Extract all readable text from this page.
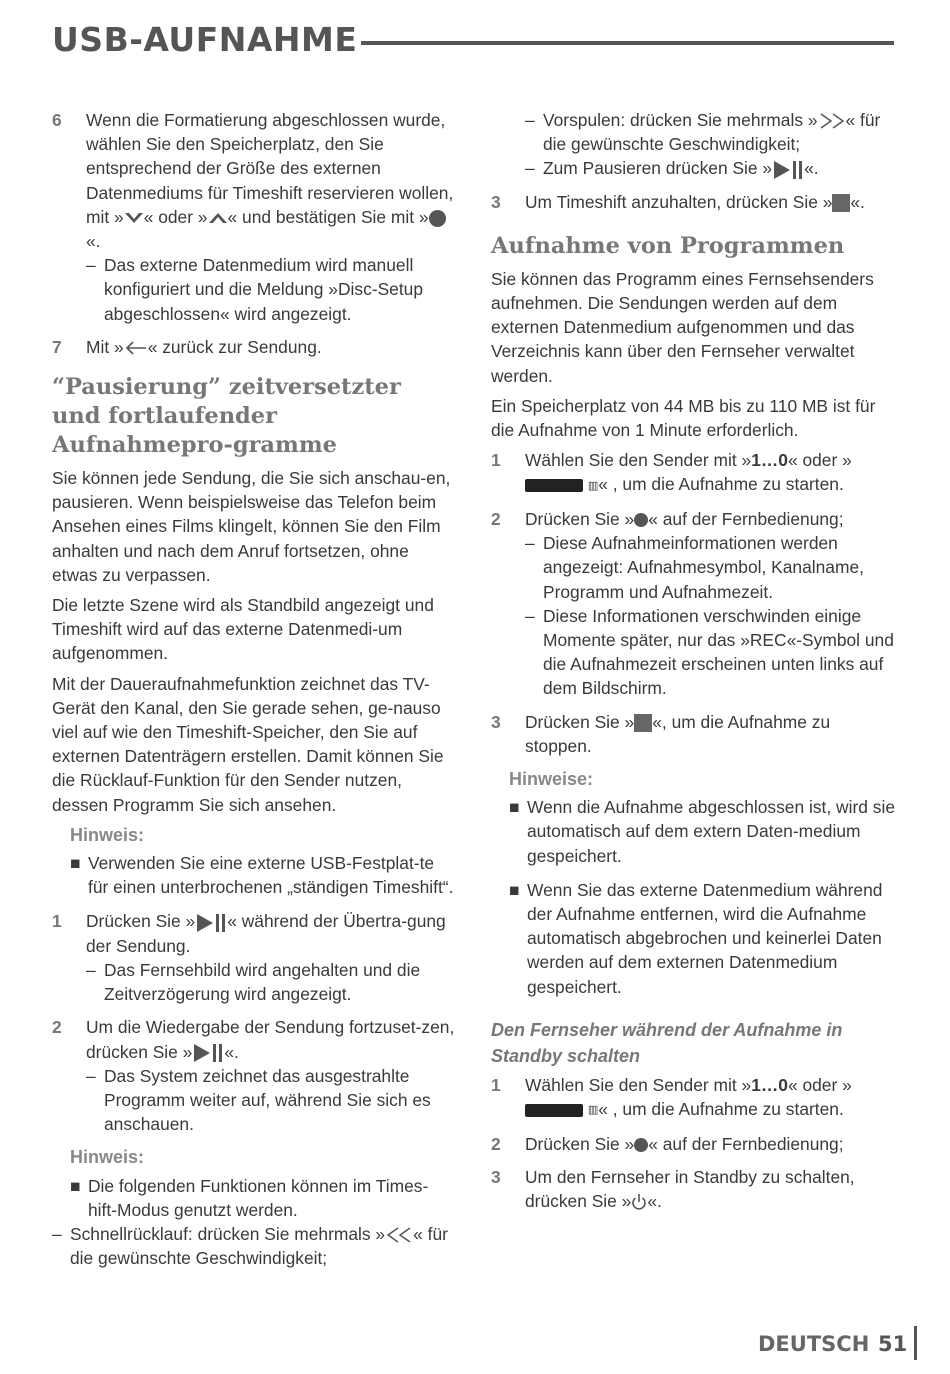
USB-AUFNAHME
6	Wenn die Formatierung abgeschlossen wurde, wählen Sie den Speicherplatz, den Sie entsprechend der Größe des externen Datenmediums für Timeshift reservieren wollen, mit » « oder » « und bestätigen Sie mit »«.
– Das externe Datenmedium wird manuell konfiguriert und die Meldung »Disc-Setup abgeschlossen« wird angezeigt.
7	Mit » « zurück zur Sendung.
“Pausierung” zeitversetzter und fortlaufender Aufnahmepro-gramme

Sie können jede Sendung, die Sie sich anschau-en, pausieren. Wenn beispielsweise das Telefon beim Ansehen eines Films klingelt, können Sie den Film anhalten und nach dem Anruf fortsetzen, ohne etwas zu verpassen.

Die letzte Szene wird als Standbild angezeigt und Timeshift wird auf das externe Datenmedi-um aufgenommen.

Mit der Daueraufnahmefunktion zeichnet das TV-Gerät den Kanal, den Sie gerade sehen, ge-nauso viel auf wie den Timeshift-Speicher, den Sie auf externen Datenträgern erstellen. Damit können Sie die Rücklauf-Funktion für den Sender nutzen, dessen Programm Sie sich ansehen.

Hinweis:
■ Verwenden Sie eine externe USB-Festplat-te für einen unterbrochenen „ständigen Timeshift“.
1	Drücken Sie » « während der Übertra-gung der Sendung.
– Das Fernsehbild wird angehalten und die Zeitverzögerung wird angezeigt.
2	Um die Wiedergabe der Sendung fortzuset-zen, drücken Sie » «.
– Das System zeichnet das ausgestrahlte Programm weiter auf, während Sie sich es anschauen.
Hinweis:
■ Die folgenden Funktionen können im Times-hift-Modus genutzt werden.
– Schnellrücklauf: drücken Sie mehrmals » « für die gewünschte Geschwindigkeit;
– Vorspulen: drücken Sie mehrmals » « für die gewünschte Geschwindigkeit;
– Zum Pausieren drücken Sie » «.
3	Um Timeshift anzuhalten, drücken Sie » «.
Aufnahme von Programmen

Sie können das Programm eines Fernsehsenders aufnehmen. Die Sendungen werden auf dem externen Datenmedium aufgenommen und das Verzeichnis kann über den Fernseher verwaltet werden.

Ein Speicherplatz von 44 MB bis zu 110 MB ist für die Aufnahme von 1 Minute erforderlich.

1	Wählen Sie den Sender mit »1…0« oder »
▥« , um die Aufnahme zu starten.
2	Drücken Sie » « auf der Fernbedienung;
– Diese Aufnahmeinformationen werden angezeigt: Aufnahmesymbol, Kanalname, Programm und Aufnahmezeit.
– Diese Informationen verschwinden einige Momente später, nur das »REC«-Symbol und die Aufnahmezeit erscheinen unten links auf dem Bildschirm.
3	Drücken Sie » «, um die Aufnahme zu stoppen.
Hinweise:
■ Wenn die Aufnahme abgeschlossen ist, wird sie automatisch auf dem extern Daten-medium gespeichert.
■ Wenn Sie das externe Datenmedium während der Aufnahme entfernen, wird die Aufnahme automatisch abgebrochen und keinerlei Daten werden auf dem externen Datenmedium gespeichert.
Den Fernseher während der Aufnahme in Standby schalten
1	Wählen Sie den Sender mit »1…0« oder »
▥« , um die Aufnahme zu starten.
2	Drücken Sie » « auf der Fernbedienung;
3	Um den Fernseher in Standby zu schalten, drücken Sie » «.
DEUTSCH 51
